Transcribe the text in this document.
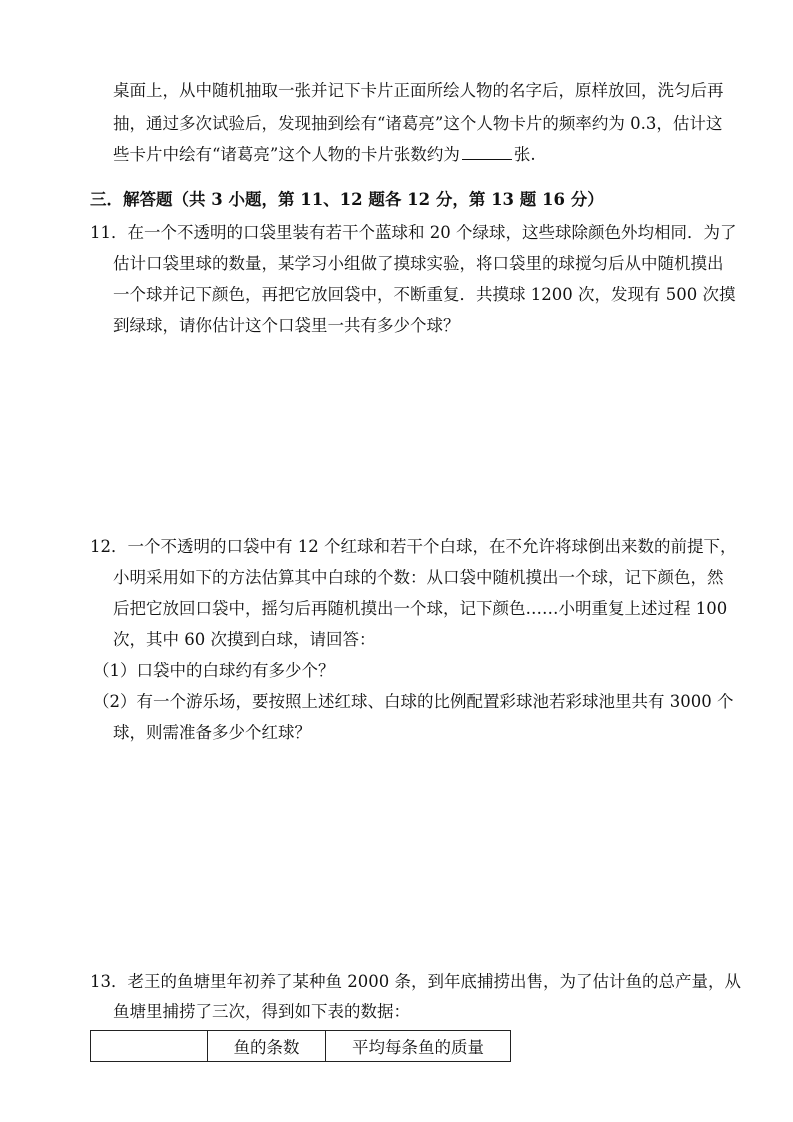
桌面上，从中随机抽取一张并记下卡片正面所绘人物的名字后，原样放回，洗匀后再
抽，通过多次试验后，发现抽到绘有“诸葛亮”这个人物卡片的频率约为 0.3，估计这
些卡片中绘有“诸葛亮”这个人物的卡片张数约为	张.
三．解答题（共 3 小题，第 11、12 题各 12 分，第 13 题 16 分）
11．在一个不透明的口袋里装有若干个蓝球和 20 个绿球，这些球除颜色外均相同．为了
估计口袋里球的数量，某学习小组做了摸球实验，将口袋里的球搅匀后从中随机摸出
一个球并记下颜色，再把它放回袋中，不断重复．共摸球 1200 次，发现有 500 次摸
到绿球，请你估计这个口袋里一共有多少个球？
12．一个不透明的口袋中有 12 个红球和若干个白球，在不允许将球倒出来数的前提下，
小明采用如下的方法估算其中白球的个数：从口袋中随机摸出一个球，记下颜色，然
后把它放回口袋中，摇匀后再随机摸出一个球，记下颜色……小明重复上述过程 100
次，其中 60 次摸到白球，请回答：
（1）口袋中的白球约有多少个？
（2）有一个游乐场，要按照上述红球、白球的比例配置彩球池若彩球池里共有 3000 个
球，则需准备多少个红球？
13．老王的鱼塘里年初养了某种鱼 2000 条，到年底捕捞出售，为了估计鱼的总产量，从
鱼塘里捕捞了三次，得到如下表的数据：
	鱼的条数	平均每条鱼的质量
